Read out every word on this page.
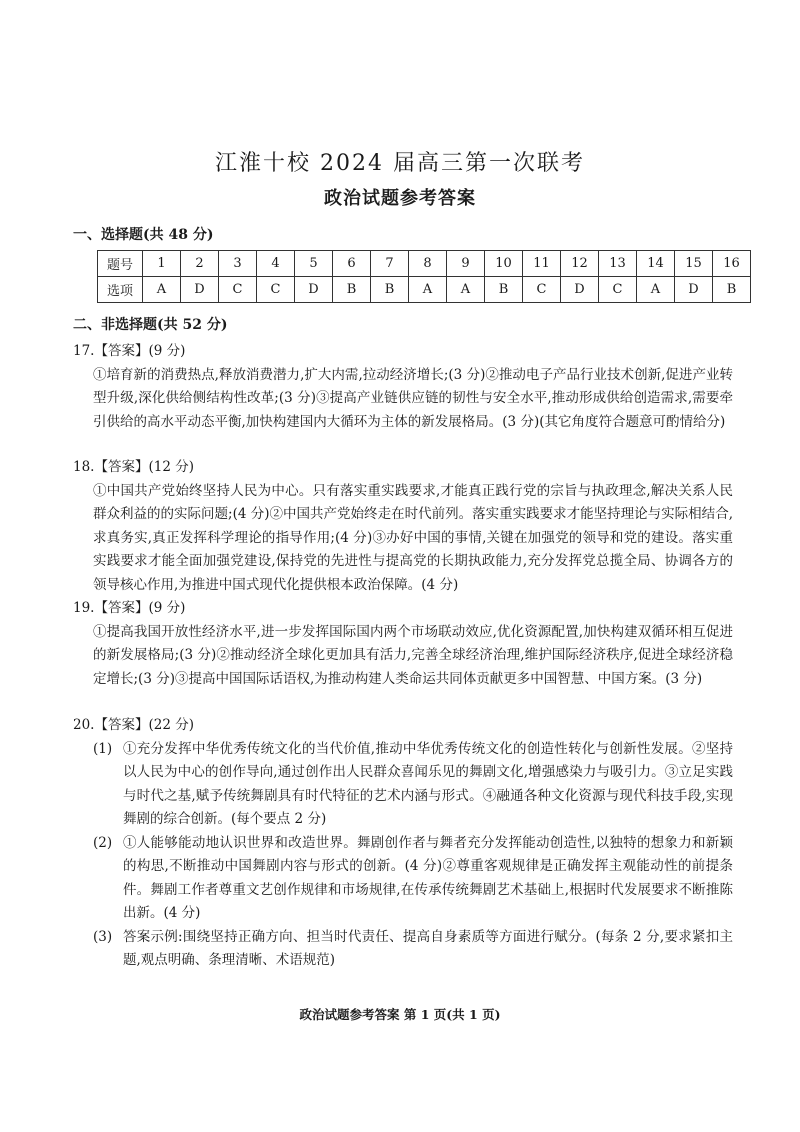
江淮十校 2024 届高三第一次联考
政治试题参考答案
一、选择题(共 48 分)
题号	1	2	3	4	5	6	7	8	9	10	11	12	13	14	15	16
选项	A	D	C	C	D	B	B	A	A	B	C	D	C	A	D	B
二、非选择题(共 52 分)
17.【答案】(9 分)
①培育新的消费热点,释放消费潜力,扩大内需,拉动经济增长;(3 分)②推动电子产品行业技术创新,促进产业转型升级,深化供给侧结构性改革;(3 分)③提高产业链供应链的韧性与安全水平,推动形成供给创造需求,需要牵引供给的高水平动态平衡,加快构建国内大循环为主体的新发展格局。(3 分)(其它角度符合题意可酌情给分)
18.【答案】(12 分)
①中国共产党始终坚持人民为中心。只有落实重实践要求,才能真正践行党的宗旨与执政理念,解决关系人民群众利益的的实际问题;(4 分)②中国共产党始终走在时代前列。落实重实践要求才能坚持理论与实际相结合,求真务实,真正发挥科学理论的指导作用;(4 分)③办好中国的事情,关键在加强党的领导和党的建设。落实重实践要求才能全面加强党建设,保持党的先进性与提高党的长期执政能力,充分发挥党总揽全局、协调各方的领导核心作用,为推进中国式现代化提供根本政治保障。(4 分)
19.【答案】(9 分)
①提高我国开放性经济水平,进一步发挥国际国内两个市场联动效应,优化资源配置,加快构建双循环相互促进的新发展格局;(3 分)②推动经济全球化更加具有活力,完善全球经济治理,维护国际经济秩序,促进全球经济稳定增长;(3 分)③提高中国国际话语权,为推动构建人类命运共同体贡献更多中国智慧、中国方案。(3 分)
20.【答案】(22 分)
(1) ①充分发挥中华优秀传统文化的当代价值,推动中华优秀传统文化的创造性转化与创新性发展。②坚持以人民为中心的创作导向,通过创作出人民群众喜闻乐见的舞剧文化,增强感染力与吸引力。③立足实践与时代之基,赋予传统舞剧具有时代特征的艺术内涵与形式。④融通各种文化资源与现代科技手段,实现舞剧的综合创新。(每个要点 2 分)
(2) ①人能够能动地认识世界和改造世界。舞剧创作者与舞者充分发挥能动创造性,以独特的想象力和新颖的构思,不断推动中国舞剧内容与形式的创新。(4 分)②尊重客观规律是正确发挥主观能动性的前提条件。舞剧工作者尊重文艺创作规律和市场规律,在传承传统舞剧艺术基础上,根据时代发展要求不断推陈出新。(4 分)
(3) 答案示例:围绕坚持正确方向、担当时代责任、提高自身素质等方面进行赋分。(每条 2 分,要求紧扣主题,观点明确、条理清晰、术语规范)
政治试题参考答案 第 1 页(共 1 页)
